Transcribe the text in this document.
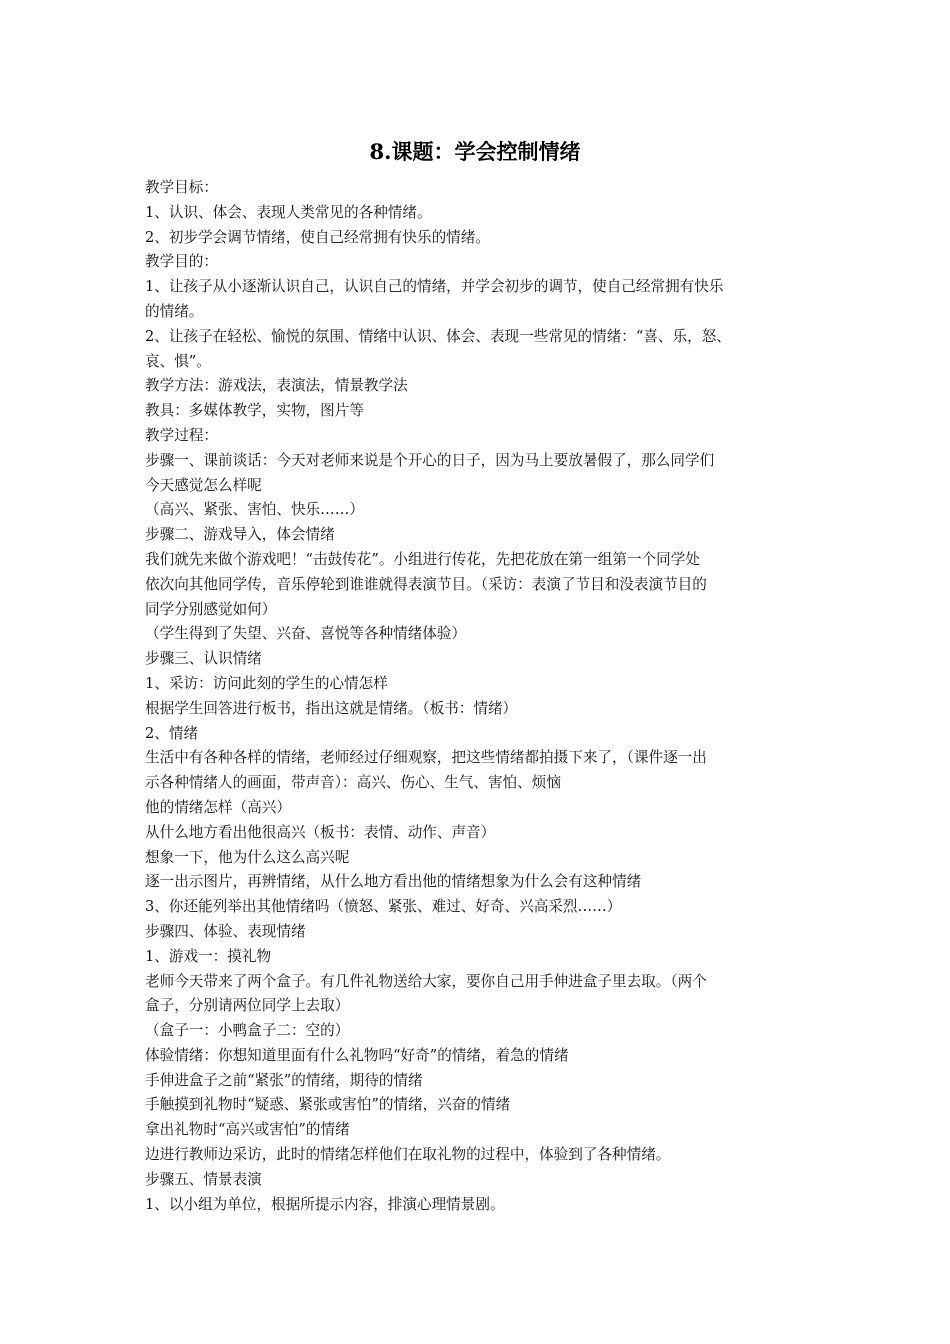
8.课题：学会控制情绪
教学目标：
1、认识、体会、表现人类常见的各种情绪。
2、初步学会调节情绪，使自己经常拥有快乐的情绪。
教学目的：
1、让孩子从小逐渐认识自己，认识自己的情绪，并学会初步的调节，使自己经常拥有快乐
的情绪。
2、让孩子在轻松、愉悦的氛围、情绪中认识、体会、表现一些常见的情绪：“喜、乐，怒、
哀、惧”。
教学方法：游戏法，表演法，情景教学法
教具：多媒体教学，实物，图片等
教学过程：
步骤一、课前谈话：今天对老师来说是个开心的日子，因为马上要放暑假了，那么同学们
今天感觉怎么样呢
（高兴、紧张、害怕、快乐……）
步骤二、游戏导入，体会情绪
我们就先来做个游戏吧！“击鼓传花”。小组进行传花，先把花放在第一组第一个同学处
依次向其他同学传，音乐停轮到谁谁就得表演节目。（采访：表演了节目和没表演节目的
同学分别感觉如何）
（学生得到了失望、兴奋、喜悦等各种情绪体验）
步骤三、认识情绪
1、采访：访问此刻的学生的心情怎样
根据学生回答进行板书，指出这就是情绪。（板书：情绪）
2、情绪
生活中有各种各样的情绪，老师经过仔细观察，把这些情绪都拍摄下来了，（课件逐一出
示各种情绪人的画面，带声音）：高兴、伤心、生气、害怕、烦恼
他的情绪怎样（高兴）
从什么地方看出他很高兴（板书：表情、动作、声音）
想象一下，他为什么这么高兴呢
逐一出示图片，再辨情绪，从什么地方看出他的情绪想象为什么会有这种情绪
3、你还能列举出其他情绪吗（愤怒、紧张、难过、好奇、兴高采烈……）
步骤四、体验、表现情绪
1、游戏一：摸礼物
老师今天带来了两个盒子。有几件礼物送给大家，要你自己用手伸进盒子里去取。（两个
盒子，分别请两位同学上去取）
（盒子一：小鸭盒子二：空的）
体验情绪：你想知道里面有什么礼物吗“好奇”的情绪，着急的情绪
手伸进盒子之前“紧张”的情绪，期待的情绪
手触摸到礼物时“疑惑、紧张或害怕”的情绪，兴奋的情绪
拿出礼物时“高兴或害怕”的情绪
边进行教师边采访，此时的情绪怎样他们在取礼物的过程中，体验到了各种情绪。
步骤五、情景表演
1、以小组为单位，根据所提示内容，排演心理情景剧。
